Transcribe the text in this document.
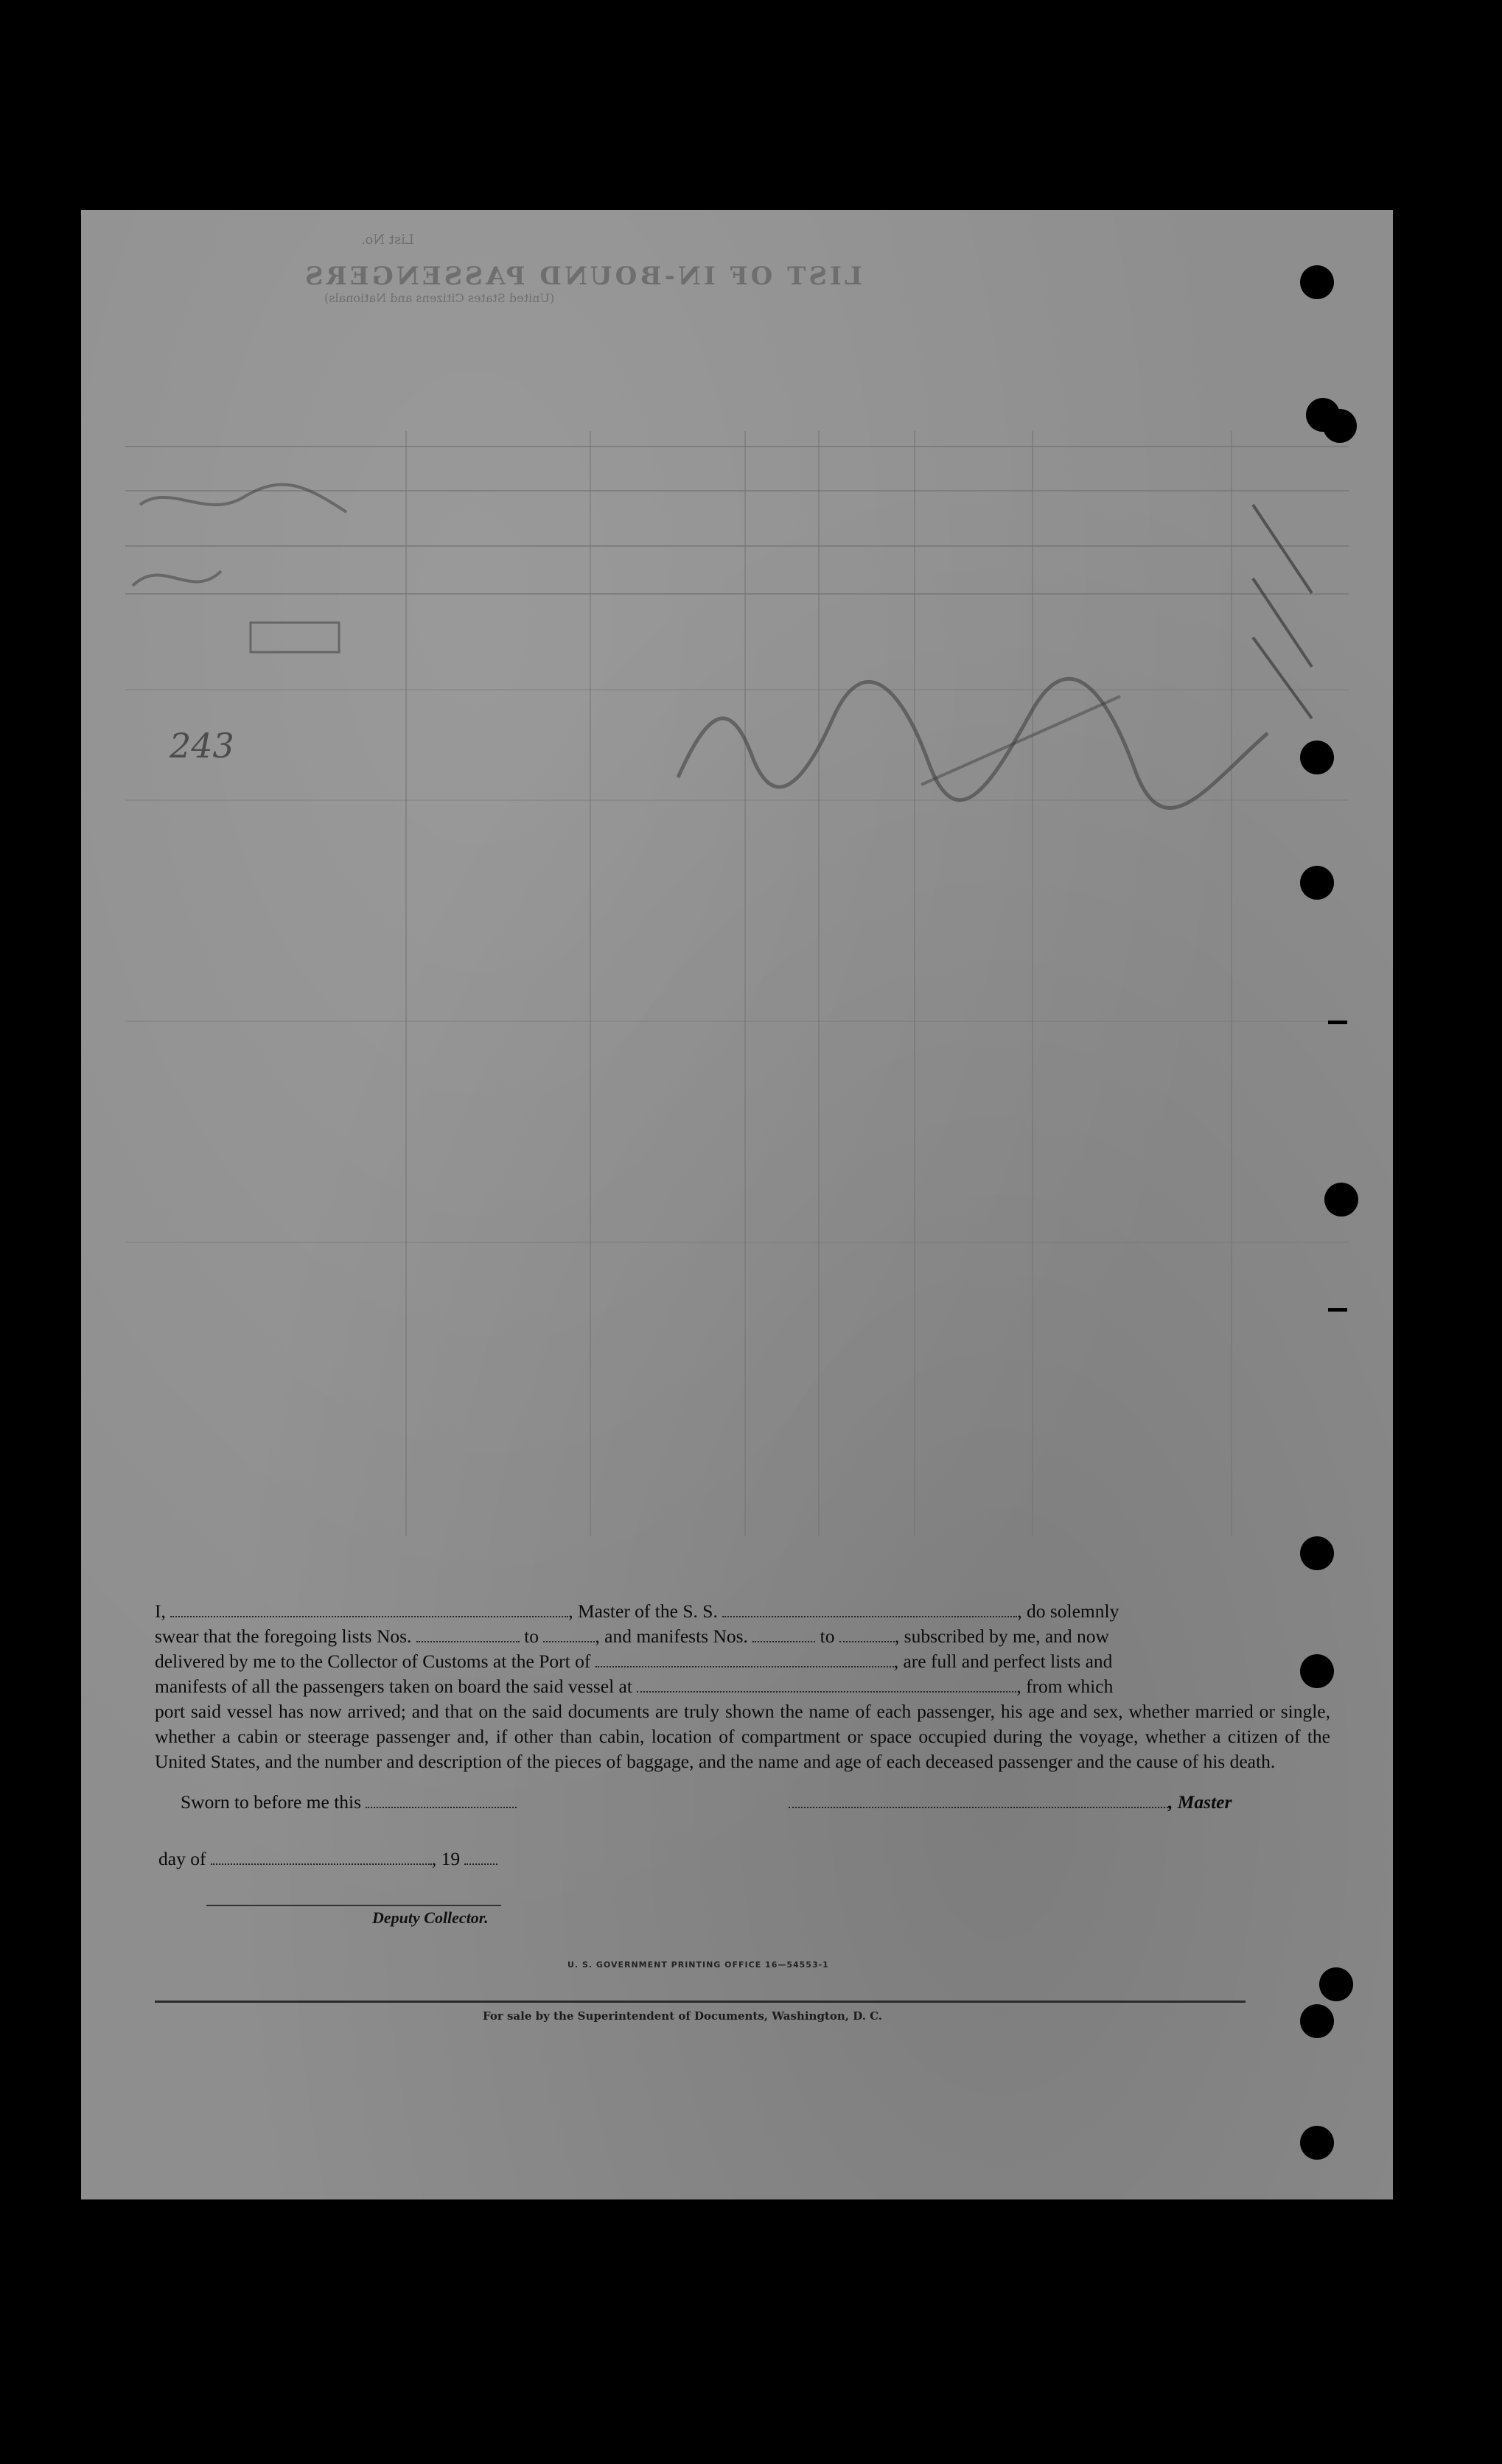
List No.
LIST OF IN-BOUND PASSENGERS
(United States Citizens and Nationals)
243
I,	, Master of the S. S.	, do solemnly
swear that the foregoing lists Nos.	to	, and manifests Nos.	to	, subscribed by me, and now
delivered by me to the Collector of Customs at the Port of	, are full and perfect lists and
manifests of all the passengers taken on board the said vessel at	, from which
port said vessel has now arrived; and that on the said documents are truly shown the name of each passenger, his age and sex, whether married or single, whether a cabin or steerage passenger and, if other than cabin, location of compartment or space occupied during the voyage, whether a citizen of the United States, and the number and description of the pieces of baggage, and the name and age of each deceased passenger and the cause of his death.
Sworn to before me this	, Master
day of	, 19
Deputy Collector.
U. S. GOVERNMENT PRINTING OFFICE 16—54553-1
For sale by the Superintendent of Documents, Washington, D. C.
